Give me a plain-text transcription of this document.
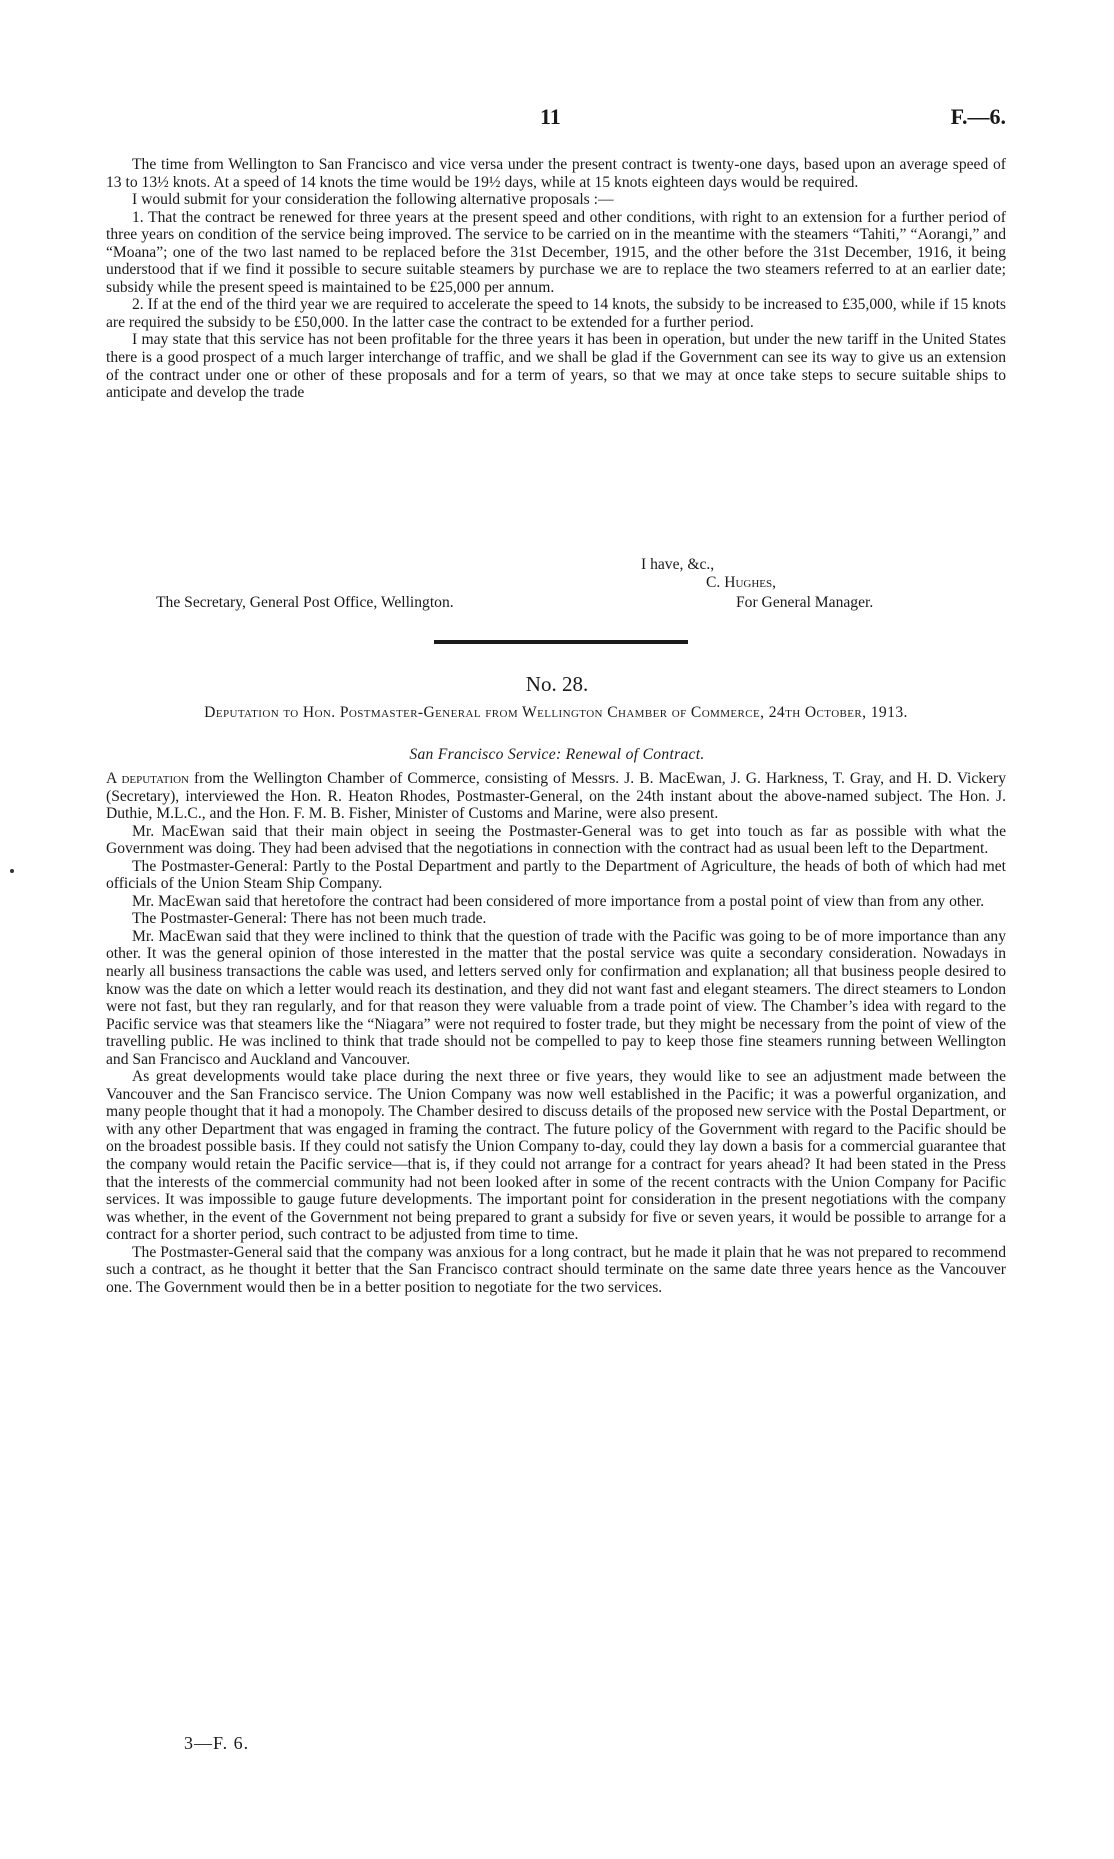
11	F.—6.

The time from Wellington to San Francisco and vice versa under the present contract is twenty-one days, based upon an average speed of 13 to 13½ knots. At a speed of 14 knots the time would be 19½ days, while at 15 knots eighteen days would be required.

I would submit for your consideration the following alternative proposals :—

1. That the contract be renewed for three years at the present speed and other conditions, with right to an extension for a further period of three years on condition of the service being improved. The service to be carried on in the meantime with the steamers “Tahiti,” “Aorangi,” and “Moana”; one of the two last named to be replaced before the 31st December, 1915, and the other before the 31st December, 1916, it being understood that if we find it possible to secure suitable steamers by purchase we are to replace the two steamers referred to at an earlier date; subsidy while the present speed is maintained to be £25,000 per annum.

2. If at the end of the third year we are required to accelerate the speed to 14 knots, the subsidy to be increased to £35,000, while if 15 knots are required the subsidy to be £50,000. In the latter case the contract to be extended for a further period.

I may state that this service has not been profitable for the three years it has been in operation, but under the new tariff in the United States there is a good prospect of a much larger interchange of traffic, and we shall be glad if the Government can see its way to give us an extension of the contract under one or other of these proposals and for a term of years, so that we may at once take steps to secure suitable ships to anticipate and develop the trade

I have, &c.,
C. Hughes,
The Secretary, General Post Office, Wellington.	For General Manager.
No. 28.
Deputation to Hon. Postmaster-General from Wellington Chamber of Commerce, 24th October, 1913.
San Francisco Service: Renewal of Contract.

A deputation from the Wellington Chamber of Commerce, consisting of Messrs. J. B. MacEwan, J. G. Harkness, T. Gray, and H. D. Vickery (Secretary), interviewed the Hon. R. Heaton Rhodes, Postmaster-General, on the 24th instant about the above-named subject. The Hon. J. Duthie, M.L.C., and the Hon. F. M. B. Fisher, Minister of Customs and Marine, were also present.

Mr. MacEwan said that their main object in seeing the Postmaster-General was to get into touch as far as possible with what the Government was doing. They had been advised that the negotiations in connection with the contract had as usual been left to the Department.

The Postmaster-General: Partly to the Postal Department and partly to the Department of Agriculture, the heads of both of which had met officials of the Union Steam Ship Company.

Mr. MacEwan said that heretofore the contract had been considered of more importance from a postal point of view than from any other.

The Postmaster-General: There has not been much trade.

Mr. MacEwan said that they were inclined to think that the question of trade with the Pacific was going to be of more importance than any other. It was the general opinion of those interested in the matter that the postal service was quite a secondary consideration. Nowadays in nearly all business transactions the cable was used, and letters served only for confirmation and explanation; all that business people desired to know was the date on which a letter would reach its destination, and they did not want fast and elegant steamers. The direct steamers to London were not fast, but they ran regularly, and for that reason they were valuable from a trade point of view. The Chamber’s idea with regard to the Pacific service was that steamers like the “Niagara” were not required to foster trade, but they might be necessary from the point of view of the travelling public. He was inclined to think that trade should not be compelled to pay to keep those fine steamers running between Wellington and San Francisco and Auckland and Vancouver.

As great developments would take place during the next three or five years, they would like to see an adjustment made between the Vancouver and the San Francisco service. The Union Company was now well established in the Pacific; it was a powerful organization, and many people thought that it had a monopoly. The Chamber desired to discuss details of the proposed new service with the Postal Department, or with any other Department that was engaged in framing the contract. The future policy of the Government with regard to the Pacific should be on the broadest possible basis. If they could not satisfy the Union Company to-day, could they lay down a basis for a commercial guarantee that the company would retain the Pacific service—that is, if they could not arrange for a contract for years ahead? It had been stated in the Press that the interests of the commercial community had not been looked after in some of the recent contracts with the Union Company for Pacific services. It was impossible to gauge future developments. The important point for consideration in the present negotiations with the company was whether, in the event of the Government not being prepared to grant a subsidy for five or seven years, it would be possible to arrange for a contract for a shorter period, such contract to be adjusted from time to time.

The Postmaster-General said that the company was anxious for a long contract, but he made it plain that he was not prepared to recommend such a contract, as he thought it better that the San Francisco contract should terminate on the same date three years hence as the Vancouver one. The Government would then be in a better position to negotiate for the two services.

3—F. 6.
